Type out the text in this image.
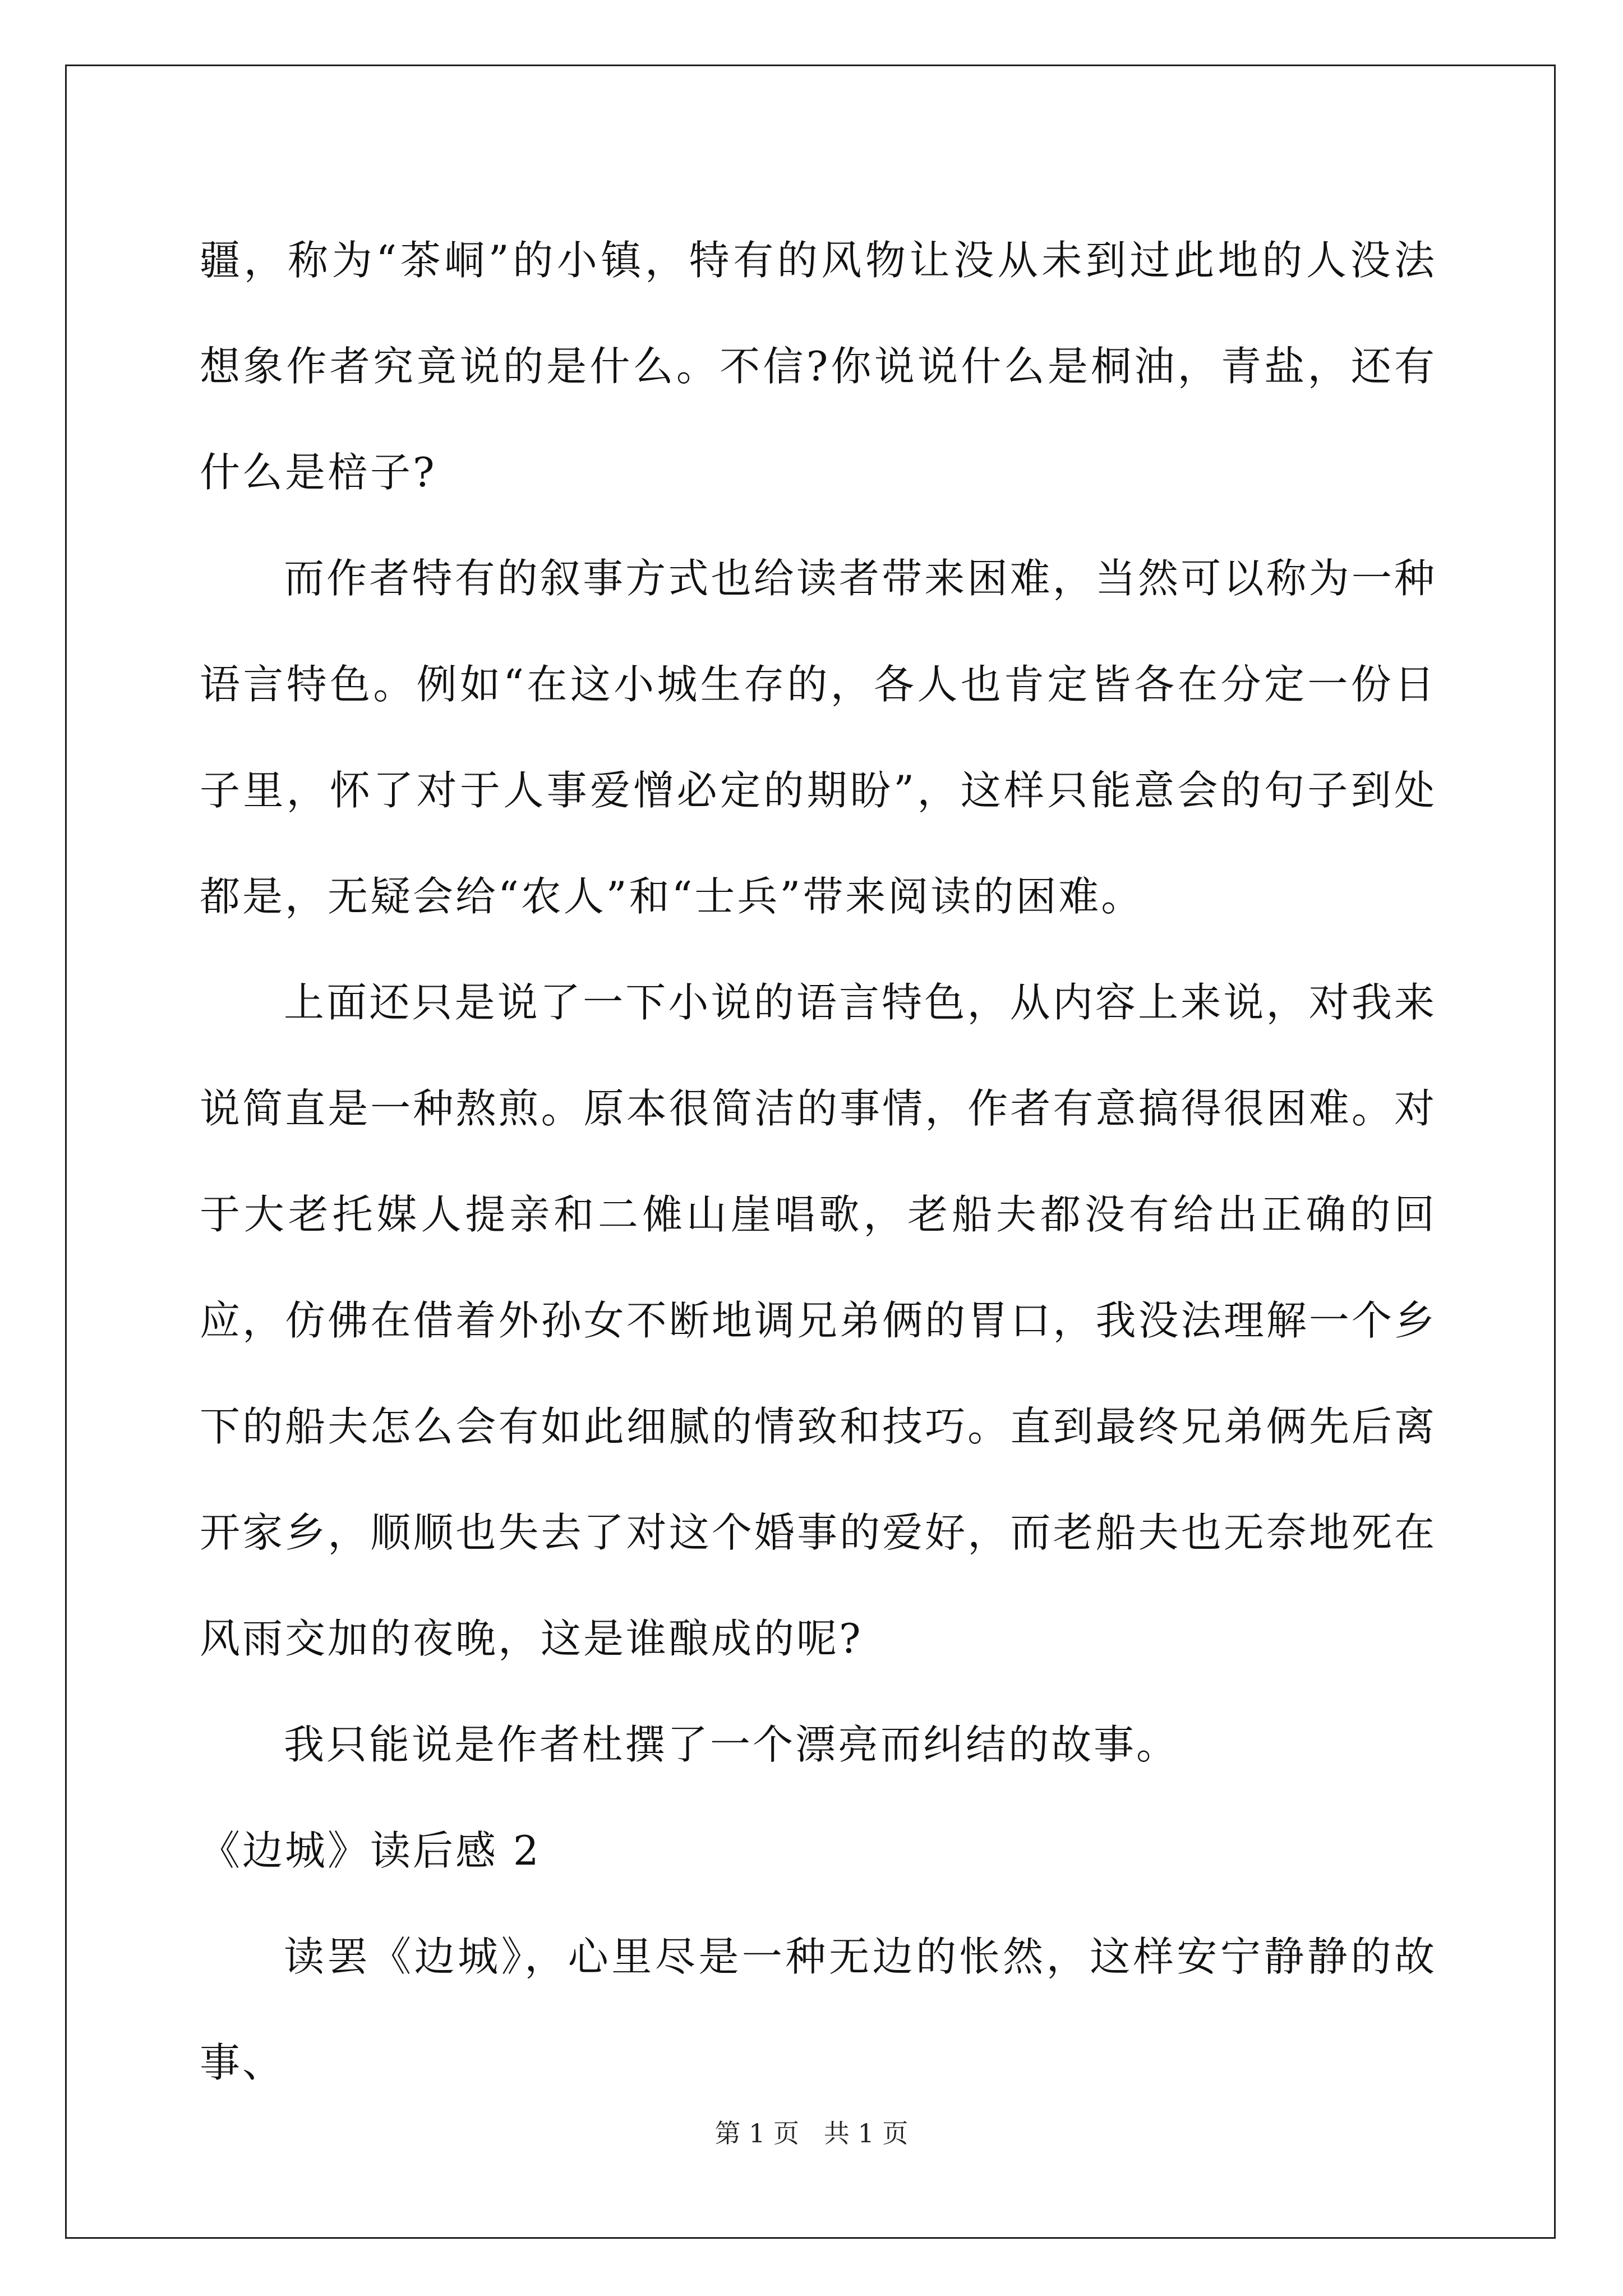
疆，称为“茶峒”的小镇，特有的风物让没从未到过此地的人没法想象作者究竟说的是什么。不信?你说说什么是桐油，青盐，还有什么是棓子?

而作者特有的叙事方式也给读者带来困难，当然可以称为一种语言特色。例如“在这小城生存的，各人也肯定皆各在分定一份日子里，怀了对于人事爱憎必定的期盼”，这样只能意会的句子到处都是，无疑会给“农人”和“士兵”带来阅读的困难。

上面还只是说了一下小说的语言特色，从内容上来说，对我来说简直是一种熬煎。原本很简洁的事情，作者有意搞得很困难。对于大老托媒人提亲和二傩山崖唱歌，老船夫都没有给出正确的回应，仿佛在借着外孙女不断地调兄弟俩的胃口，我没法理解一个乡下的船夫怎么会有如此细腻的情致和技巧。直到最终兄弟俩先后离开家乡，顺顺也失去了对这个婚事的爱好，而老船夫也无奈地死在风雨交加的夜晚，这是谁酿成的呢?

我只能说是作者杜撰了一个漂亮而纠结的故事。

《边城》读后感 2

读罢《边城》，心里尽是一种无边的怅然，这样安宁静静的故事、

第 1 页   共 1 页
